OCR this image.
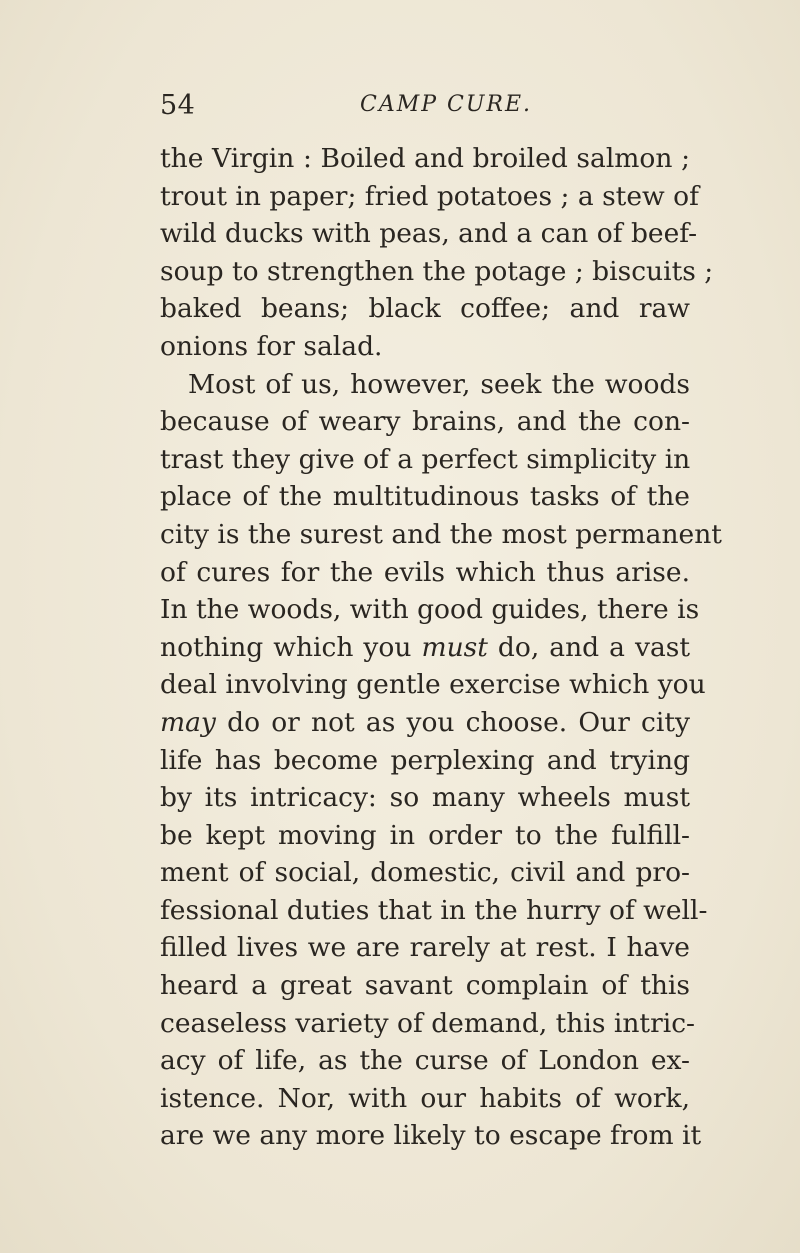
54	CAMP CURE.
the Virgin : Boiled and broiled salmon ;
trout in paper; fried potatoes ; a stew of
wild ducks with peas, and a can of beef-
soup to strengthen the potage ; biscuits ;
baked beans; black coffee; and raw
onions for salad.
Most of us, however, seek the woods
because of weary brains, and the con-
trast they give of a perfect simplicity in
place of the multitudinous tasks of the
city is the surest and the most permanent
of cures for the evils which thus arise.
In the woods, with good guides, there is
nothing which you must do, and a vast
deal involving gentle exercise which you
may do or not as you choose. Our city
life has become perplexing and trying
by its intricacy: so many wheels must
be kept moving in order to the fulfill-
ment of social, domestic, civil and pro-
fessional duties that in the hurry of well-
filled lives we are rarely at rest. I have
heard a great savant complain of this
ceaseless variety of demand, this intric-
acy of life, as the curse of London ex-
istence. Nor, with our habits of work,
are we any more likely to escape from it
